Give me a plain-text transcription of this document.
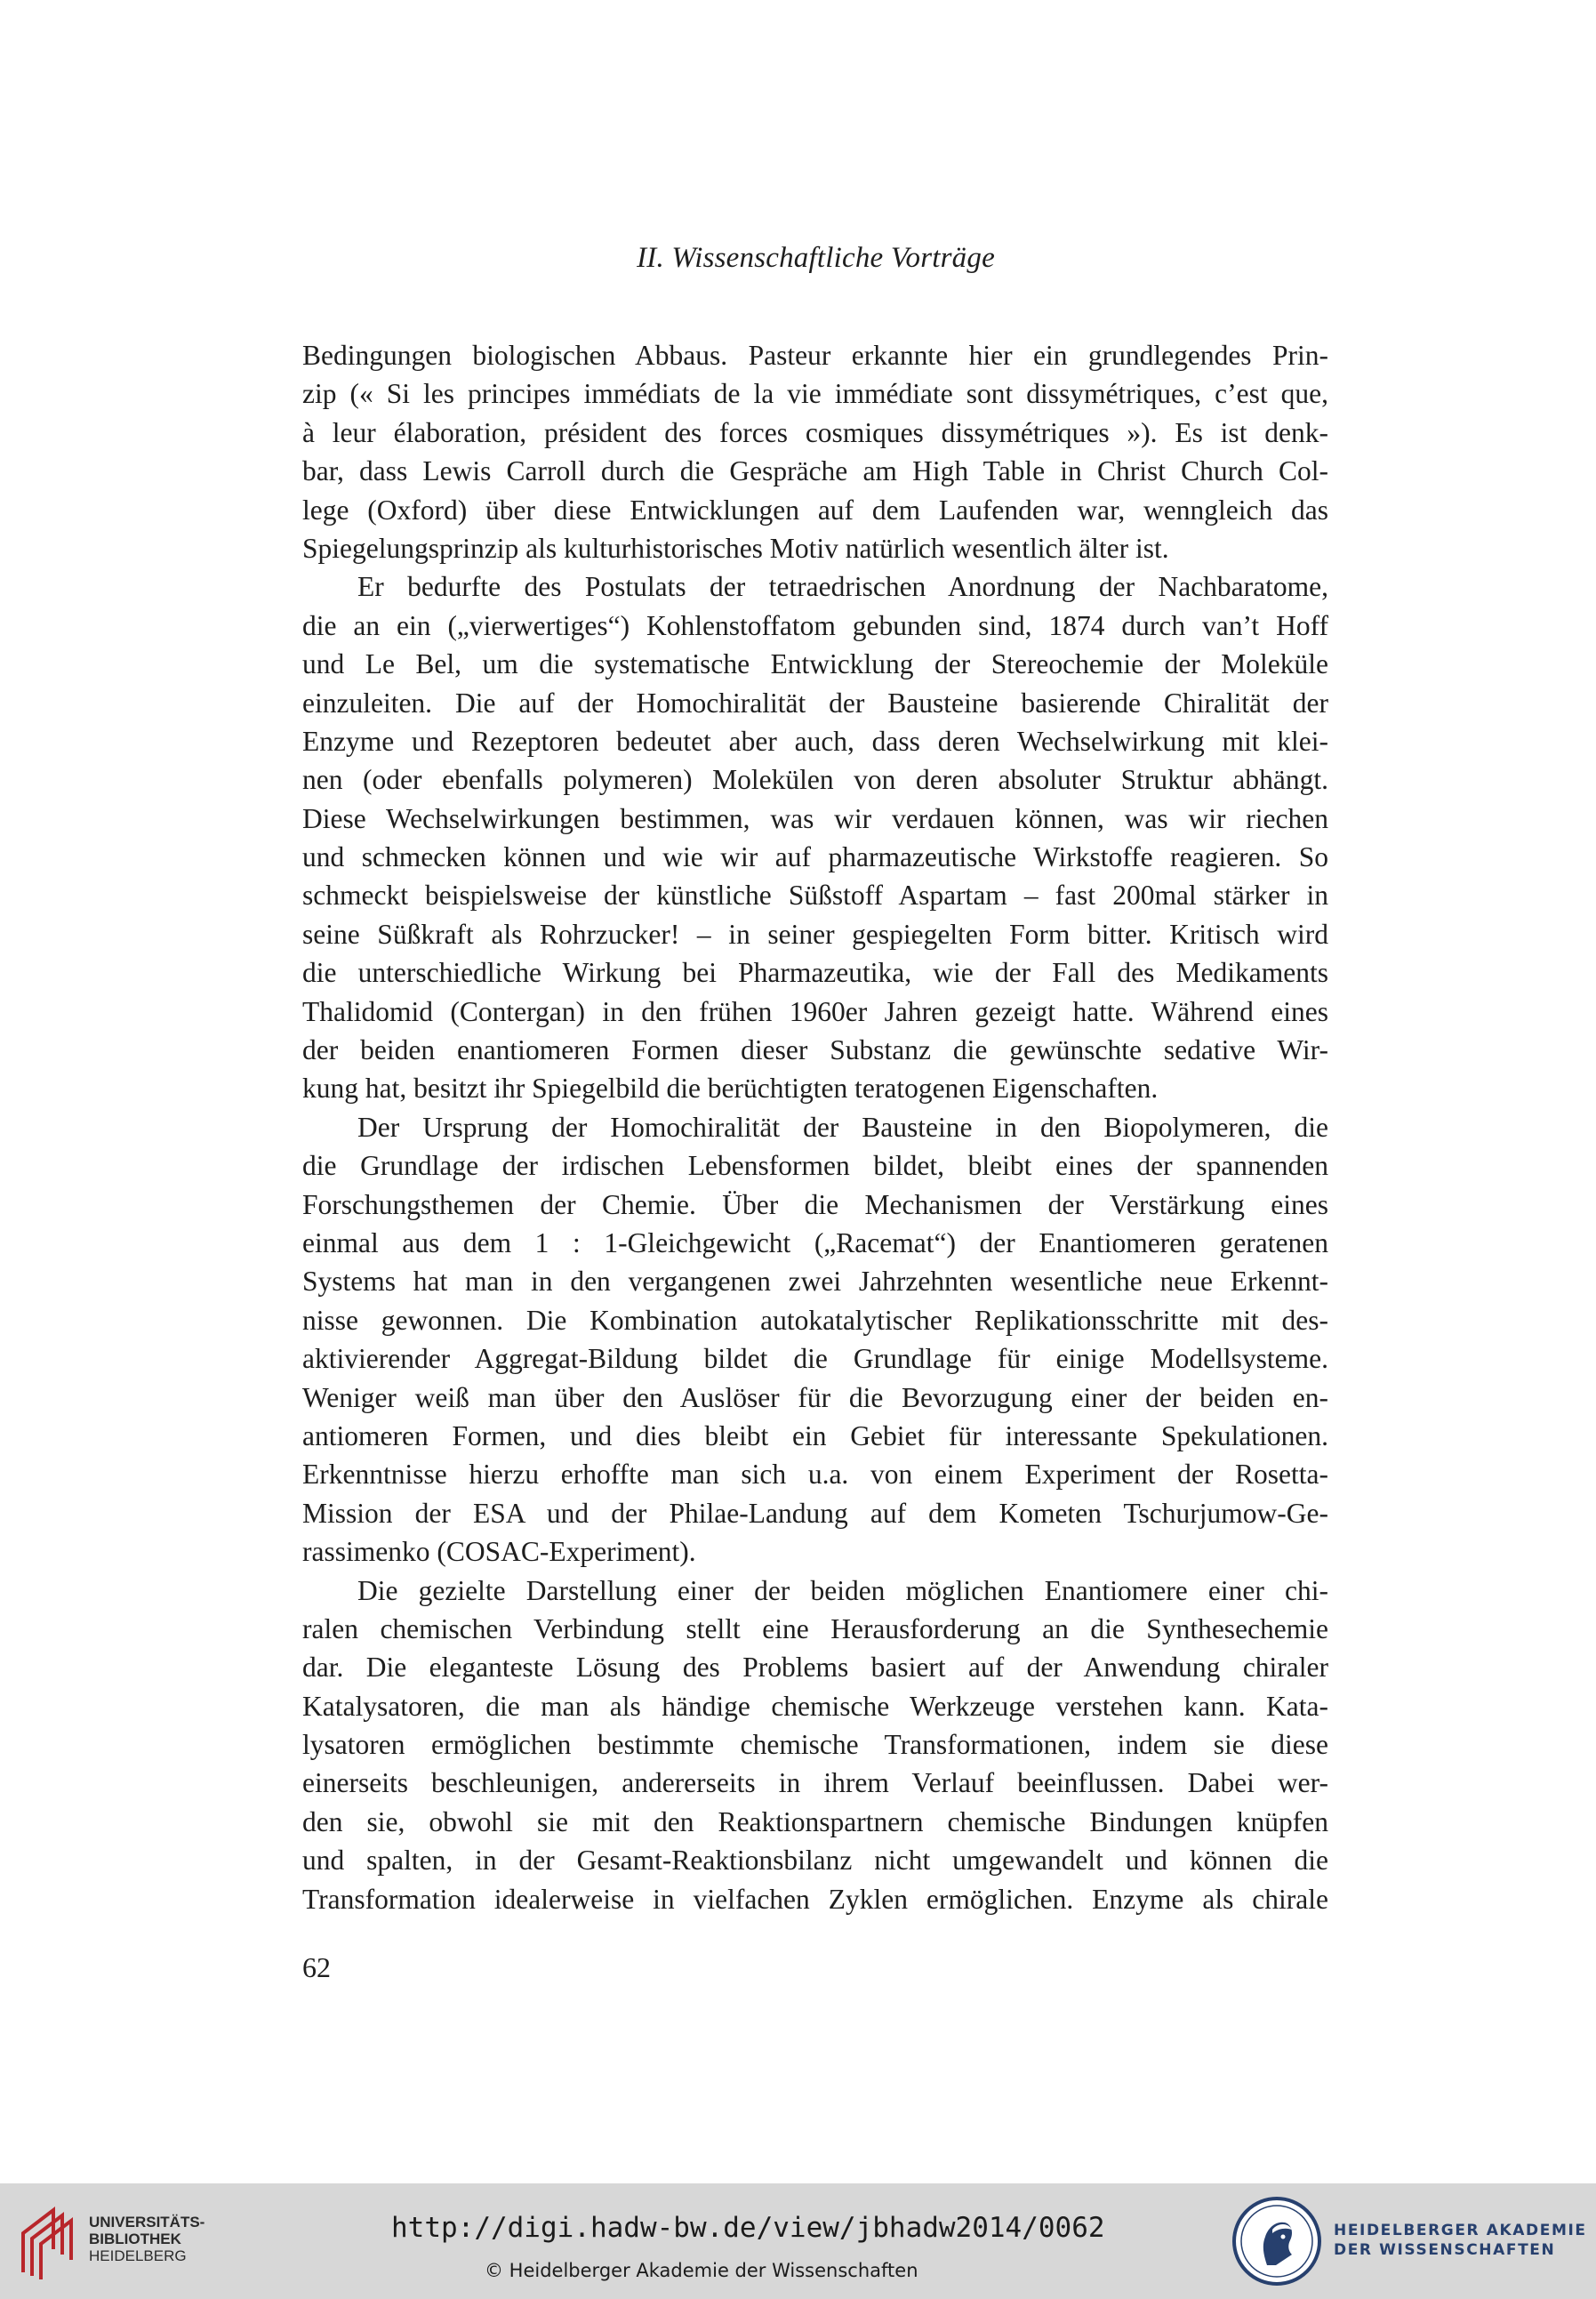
II. Wissenschaftliche Vorträge
Bedingungen biologischen Abbaus. Pasteur erkannte hier ein grundlegendes Prin-
zip (« Si les principes immédiats de la vie immédiate sont dissymétriques, c’est que,
à leur élaboration, président des forces cosmiques dissymétriques »). Es ist denk-
bar, dass Lewis Carroll durch die Gespräche am High Table in Christ Church Col-
lege (Oxford) über diese Entwicklungen auf dem Laufenden war, wenngleich das
Spiegelungsprinzip als kulturhistorisches Motiv natürlich wesentlich älter ist.
Er bedurfte des Postulats der tetraedrischen Anordnung der Nachbaratome,
die an ein („vierwertiges“) Kohlenstoffatom gebunden sind, 1874 durch van’t Hoff
und Le Bel, um die systematische Entwicklung der Stereochemie der Moleküle
einzuleiten. Die auf der Homochiralität der Bausteine basierende Chiralität der
Enzyme und Rezeptoren bedeutet aber auch, dass deren Wechselwirkung mit klei-
nen (oder ebenfalls polymeren) Molekülen von deren absoluter Struktur abhängt.
Diese Wechselwirkungen bestimmen, was wir verdauen können, was wir riechen
und schmecken können und wie wir auf pharmazeutische Wirkstoffe reagieren. So
schmeckt beispielsweise der künstliche Süßstoff Aspartam – fast 200mal stärker in
seine Süßkraft als Rohrzucker! – in seiner gespiegelten Form bitter. Kritisch wird
die unterschiedliche Wirkung bei Pharmazeutika, wie der Fall des Medikaments
Thalidomid (Contergan) in den frühen 1960er Jahren gezeigt hatte. Während eines
der beiden enantiomeren Formen dieser Substanz die gewünschte sedative Wir-
kung hat, besitzt ihr Spiegelbild die berüchtigten teratogenen Eigenschaften.
Der Ursprung der Homochiralität der Bausteine in den Biopolymeren, die
die Grundlage der irdischen Lebensformen bildet, bleibt eines der spannenden
Forschungsthemen der Chemie. Über die Mechanismen der Verstärkung eines
einmal aus dem 1 : 1-Gleichgewicht („Racemat“) der Enantiomeren geratenen
Systems hat man in den vergangenen zwei Jahrzehnten wesentliche neue Erkennt-
nisse gewonnen. Die Kombination autokatalytischer Replikationsschritte mit des-
aktivierender Aggregat-Bildung bildet die Grundlage für einige Modellsysteme.
Weniger weiß man über den Auslöser für die Bevorzugung einer der beiden en-
antiomeren Formen, und dies bleibt ein Gebiet für interessante Spekulationen.
Erkenntnisse hierzu erhoffte man sich u.a. von einem Experiment der Rosetta-
Mission der ESA und der Philae-Landung auf dem Kometen Tschurjumow-Ge-
rassimenko (COSAC-Experiment).
Die gezielte Darstellung einer der beiden möglichen Enantiomere einer chi-
ralen chemischen Verbindung stellt eine Herausforderung an die Synthesechemie
dar. Die eleganteste Lösung des Problems basiert auf der Anwendung chiraler
Katalysatoren, die man als händige chemische Werkzeuge verstehen kann. Kata-
lysatoren ermöglichen bestimmte chemische Transformationen, indem sie diese
einerseits beschleunigen, andererseits in ihrem Verlauf beeinflussen. Dabei wer-
den sie, obwohl sie mit den Reaktionspartnern chemische Bindungen knüpfen
und spalten, in der Gesamt-Reaktionsbilanz nicht umgewandelt und können die
Transformation idealerweise in vielfachen Zyklen ermöglichen. Enzyme als chirale
62
UNIVERSITÄTS-
BIBLIOTHEK
HEIDELBERG
http://digi.hadw-bw.de/view/jbhadw2014/0062
© Heidelberger Akademie der Wissenschaften
HEIDELBERGER AKADEMIE
DER WISSENSCHAFTEN
